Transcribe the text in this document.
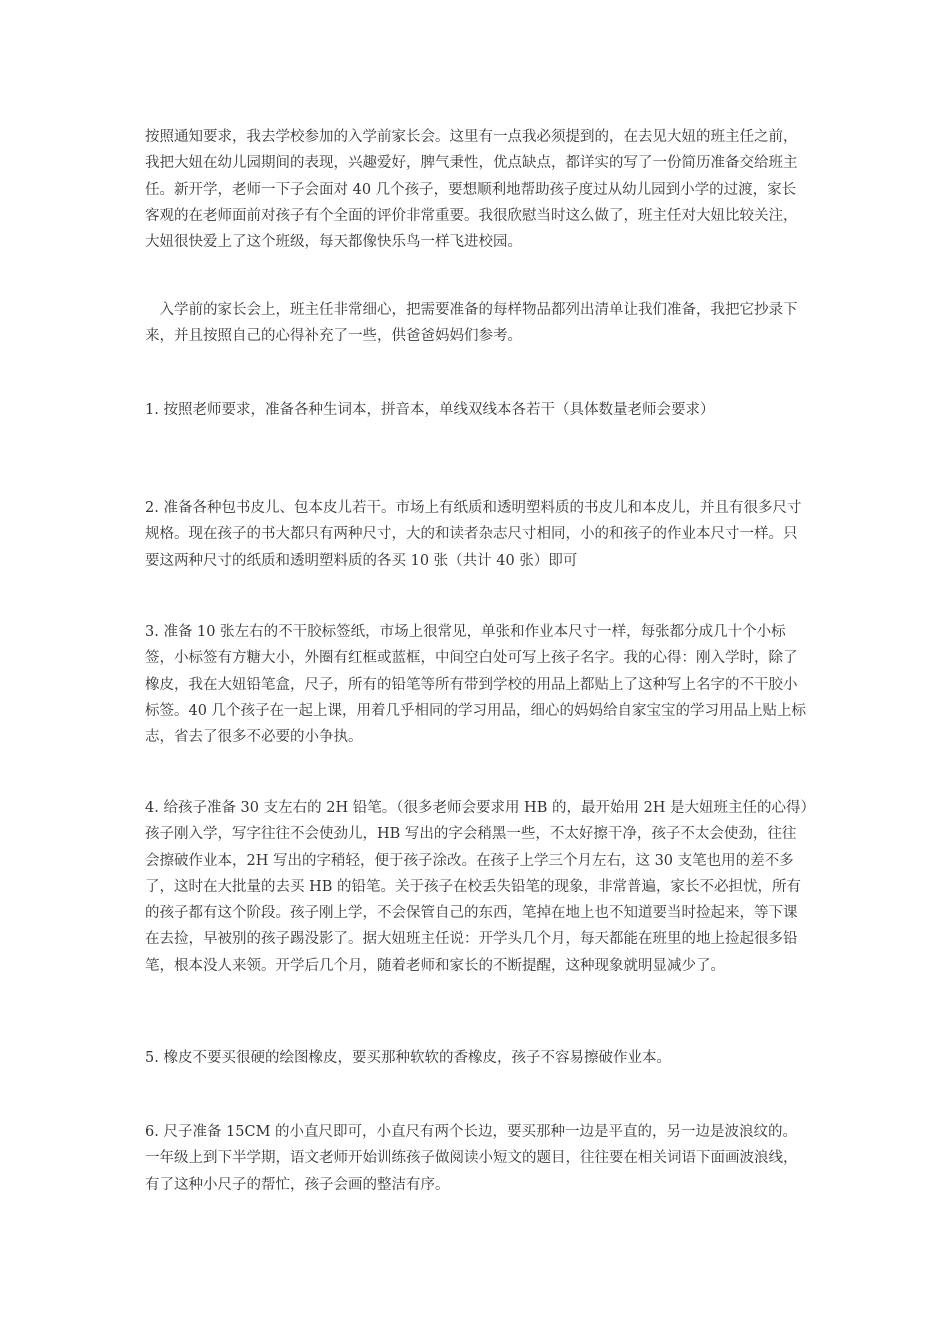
按照通知要求，我去学校参加的入学前家长会。这里有一点我必须提到的，在去见大妞的班主任之前，我把大妞在幼儿园期间的表现，兴趣爱好，脾气秉性，优点缺点，都详实的写了一份简历准备交给班主任。新开学，老师一下子会面对 40 几个孩子，要想顺利地帮助孩子度过从幼儿园到小学的过渡，家长客观的在老师面前对孩子有个全面的评价非常重要。我很欣慰当时这么做了，班主任对大妞比较关注，大妞很快爱上了这个班级，每天都像快乐鸟一样飞进校园。

　入学前的家长会上，班主任非常细心，把需要准备的每样物品都列出清单让我们准备，我把它抄录下来，并且按照自己的心得补充了一些，供爸爸妈妈们参考。

1. 按照老师要求，准备各种生词本，拼音本，单线双线本各若干（具体数量老师会要求）

2. 准备各种包书皮儿、包本皮儿若干。市场上有纸质和透明塑料质的书皮儿和本皮儿，并且有很多尺寸规格。现在孩子的书大都只有两种尺寸，大的和读者杂志尺寸相同，小的和孩子的作业本尺寸一样。只要这两种尺寸的纸质和透明塑料质的各买 10 张（共计 40 张）即可

3. 准备 10 张左右的不干胶标签纸，市场上很常见，单张和作业本尺寸一样，每张都分成几十个小标签，小标签有方糖大小，外圈有红框或蓝框，中间空白处可写上孩子名字。我的心得：刚入学时，除了橡皮，我在大妞铅笔盒，尺子，所有的铅笔等所有带到学校的用品上都贴上了这种写上名字的不干胶小标签。40 几个孩子在一起上课，用着几乎相同的学习用品，细心的妈妈给自家宝宝的学习用品上贴上标志，省去了很多不必要的小争执。

4. 给孩子准备 30 支左右的 2H 铅笔。（很多老师会要求用 HB 的，最开始用 2H 是大妞班主任的心得）孩子刚入学，写字往往不会使劲儿，HB 写出的字会稍黑一些，不太好擦干净，孩子不太会使劲，往往会擦破作业本，2H 写出的字稍轻，便于孩子涂改。在孩子上学三个月左右，这 30 支笔也用的差不多了，这时在大批量的去买 HB 的铅笔。关于孩子在校丢失铅笔的现象，非常普遍，家长不必担忧，所有的孩子都有这个阶段。孩子刚上学，不会保管自己的东西，笔掉在地上也不知道要当时捡起来，等下课在去捡，早被别的孩子踢没影了。据大妞班主任说：开学头几个月，每天都能在班里的地上捡起很多铅笔，根本没人来领。开学后几个月，随着老师和家长的不断提醒，这种现象就明显减少了。

5. 橡皮不要买很硬的绘图橡皮，要买那种软软的香橡皮，孩子不容易擦破作业本。

6. 尺子准备 15CM 的小直尺即可，小直尺有两个长边，要买那种一边是平直的，另一边是波浪纹的。一年级上到下半学期，语文老师开始训练孩子做阅读小短文的题目，往往要在相关词语下面画波浪线，有了这种小尺子的帮忙，孩子会画的整洁有序。
